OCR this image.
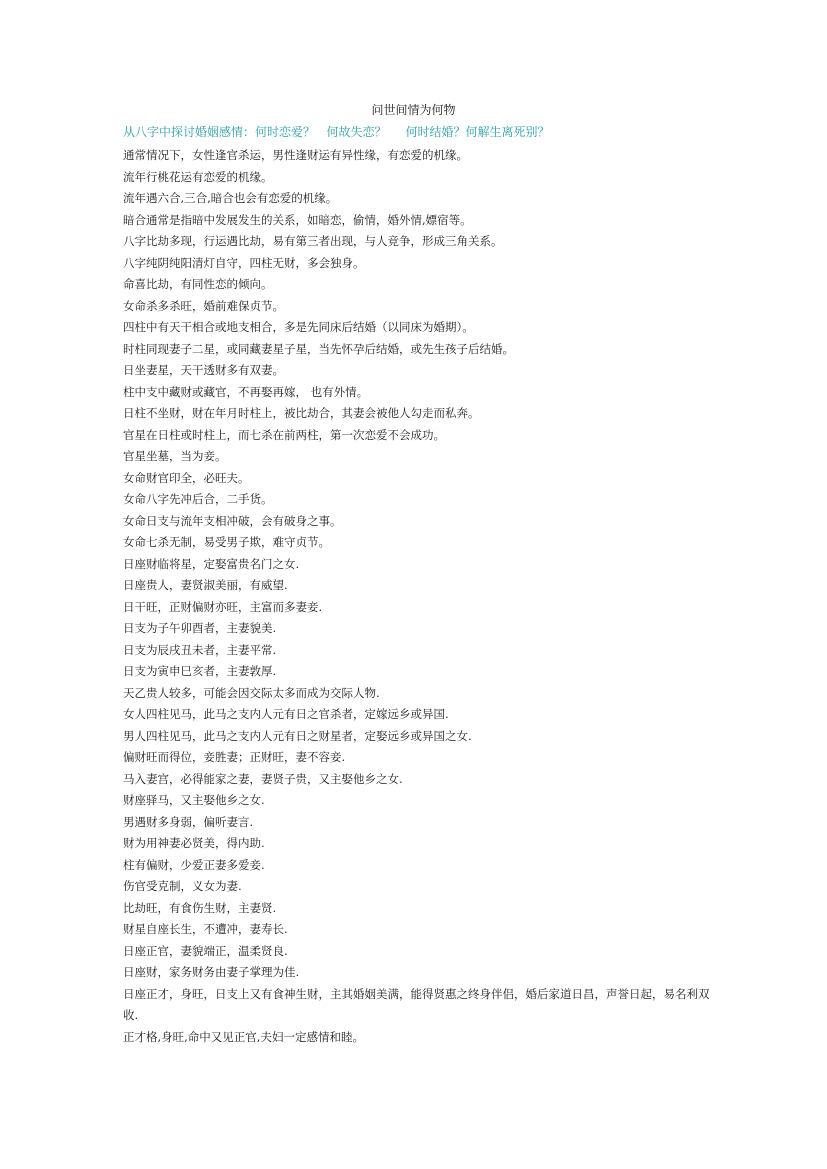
问世间情为何物
从八字中探讨婚姻感情：何时恋爱？   何故失恋？     何时结婚？何解生离死别？
通常情况下，女性逢官杀运，男性逢财运有异性缘，有恋爱的机缘。
流年行桃花运有恋爱的机缘。
流年遇六合,三合,暗合也会有恋爱的机缘。
暗合通常是指暗中发展发生的关系，如暗恋，偷情，婚外情,嫖宿等。
八字比劫多现，行运遇比劫，易有第三者出现，与人竞争，形成三角关系。
八字纯阴纯阳清灯自守，四柱无财，多会独身。
命喜比劫，有同性恋的倾向。
女命杀多杀旺，婚前难保贞节。
四柱中有天干相合或地支相合，多是先同床后结婚（以同床为婚期）。
时柱同现妻子二星，或同藏妻星子星，当先怀孕后结婚，或先生孩子后结婚。
日坐妻星，天干透财多有双妻。
柱中支中藏财或藏官，不再娶再嫁， 也有外情。
日柱不坐财，财在年月时柱上，被比劫合，其妻会被他人勾走而私奔。
官星在日柱或时柱上，而七杀在前两柱，第一次恋爱不会成功。
官星坐墓，当为妾。
女命财官印全，必旺夫。
女命八字先冲后合，二手货。
女命日支与流年支相冲破，会有破身之事。
女命七杀无制，易受男子欺，难守贞节。
日座财临将星，定娶富贵名门之女.
日座贵人，妻贤淑美丽，有威望.
日干旺，正财偏财亦旺，主富而多妻妾.
日支为子午卯酉者，主妻貌美.
日支为辰戌丑未者，主妻平常.
日支为寅申巳亥者，主妻敦厚.
天乙贵人较多，可能会因交际太多而成为交际人物.
女人四柱见马，此马之支内人元有日之官杀者，定嫁远乡或异国.
男人四柱见马，此马之支内人元有日之财星者，定娶远乡或异国之女.
偏财旺而得位，妾胜妻；正财旺，妻不容妾.
马入妻宫，必得能家之妻，妻贤子贵，又主娶他乡之女.
财座驿马，又主娶他乡之女.
男遇财多身弱，偏听妻言.
财为用神妻必贤美，得内助.
柱有偏财，少爱正妻多爱妾.
伤官受克制，义女为妻.
比劫旺，有食伤生财，主妻贤.
财星自座长生，不遭冲，妻寿长.
日座正官，妻貌端正，温柔贤良.
日座财，家务财务由妻子掌理为佳.
日座正才，身旺，日支上又有食神生财，主其婚姻美满，能得贤惠之终身伴侣，婚后家道日昌，声誉日起，易名利双收.
正才格,身旺,命中又见正官,夫妇一定感情和睦。
